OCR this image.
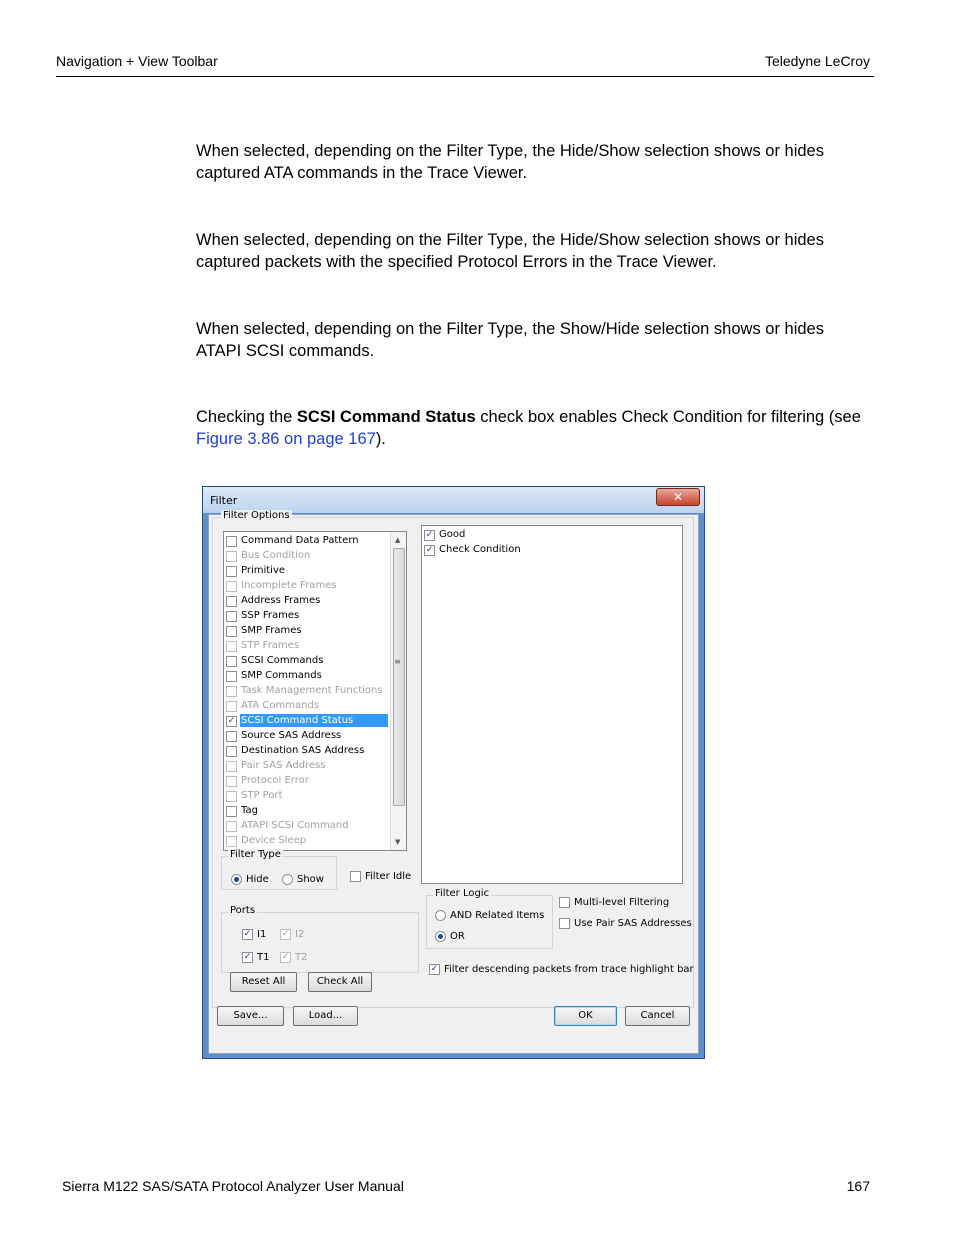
Navigation + View Toolbar	Teledyne LeCroy
When selected, depending on the Filter Type, the Hide/Show selection shows or hides
captured ATA commands in the Trace Viewer.
When selected, depending on the Filter Type, the Hide/Show selection shows or hides
captured packets with the specified Protocol Errors in the Trace Viewer.
When selected, depending on the Filter Type, the Show/Hide selection shows or hides
ATAPI SCSI commands.
Checking the SCSI Command Status check box enables Check Condition for filtering (see
Figure 3.86 on page 167).
Filter	✕
Filter Options
Command Data Pattern
Bus Condition
Primitive
Incomplete Frames
Address Frames
SSP Frames
SMP Frames
STP Frames
SCSI Commands
SMP Commands
Task Management Functions
ATA Commands
✓ SCSI Command Status
Source SAS Address
Destination SAS Address
Pair SAS Address
Protocol Error
STP Port
Tag
ATAPI SCSI Command
Device Sleep
▲
≡
▼
✓ Good
✓ Check Condition
Filter Type
Hide	Show	Filter Idle
Ports
✓ I1 ✓ I2
✓ T1 ✓ T2
Filter Logic
AND Related Items
OR
Multi-level Filtering
Use Pair SAS Addresses
✓ Filter descending packets from trace highlight bar
Reset All	Check All
Save...	Load...	OK	Cancel
Sierra M122 SAS/SATA Protocol Analyzer User Manual	167
